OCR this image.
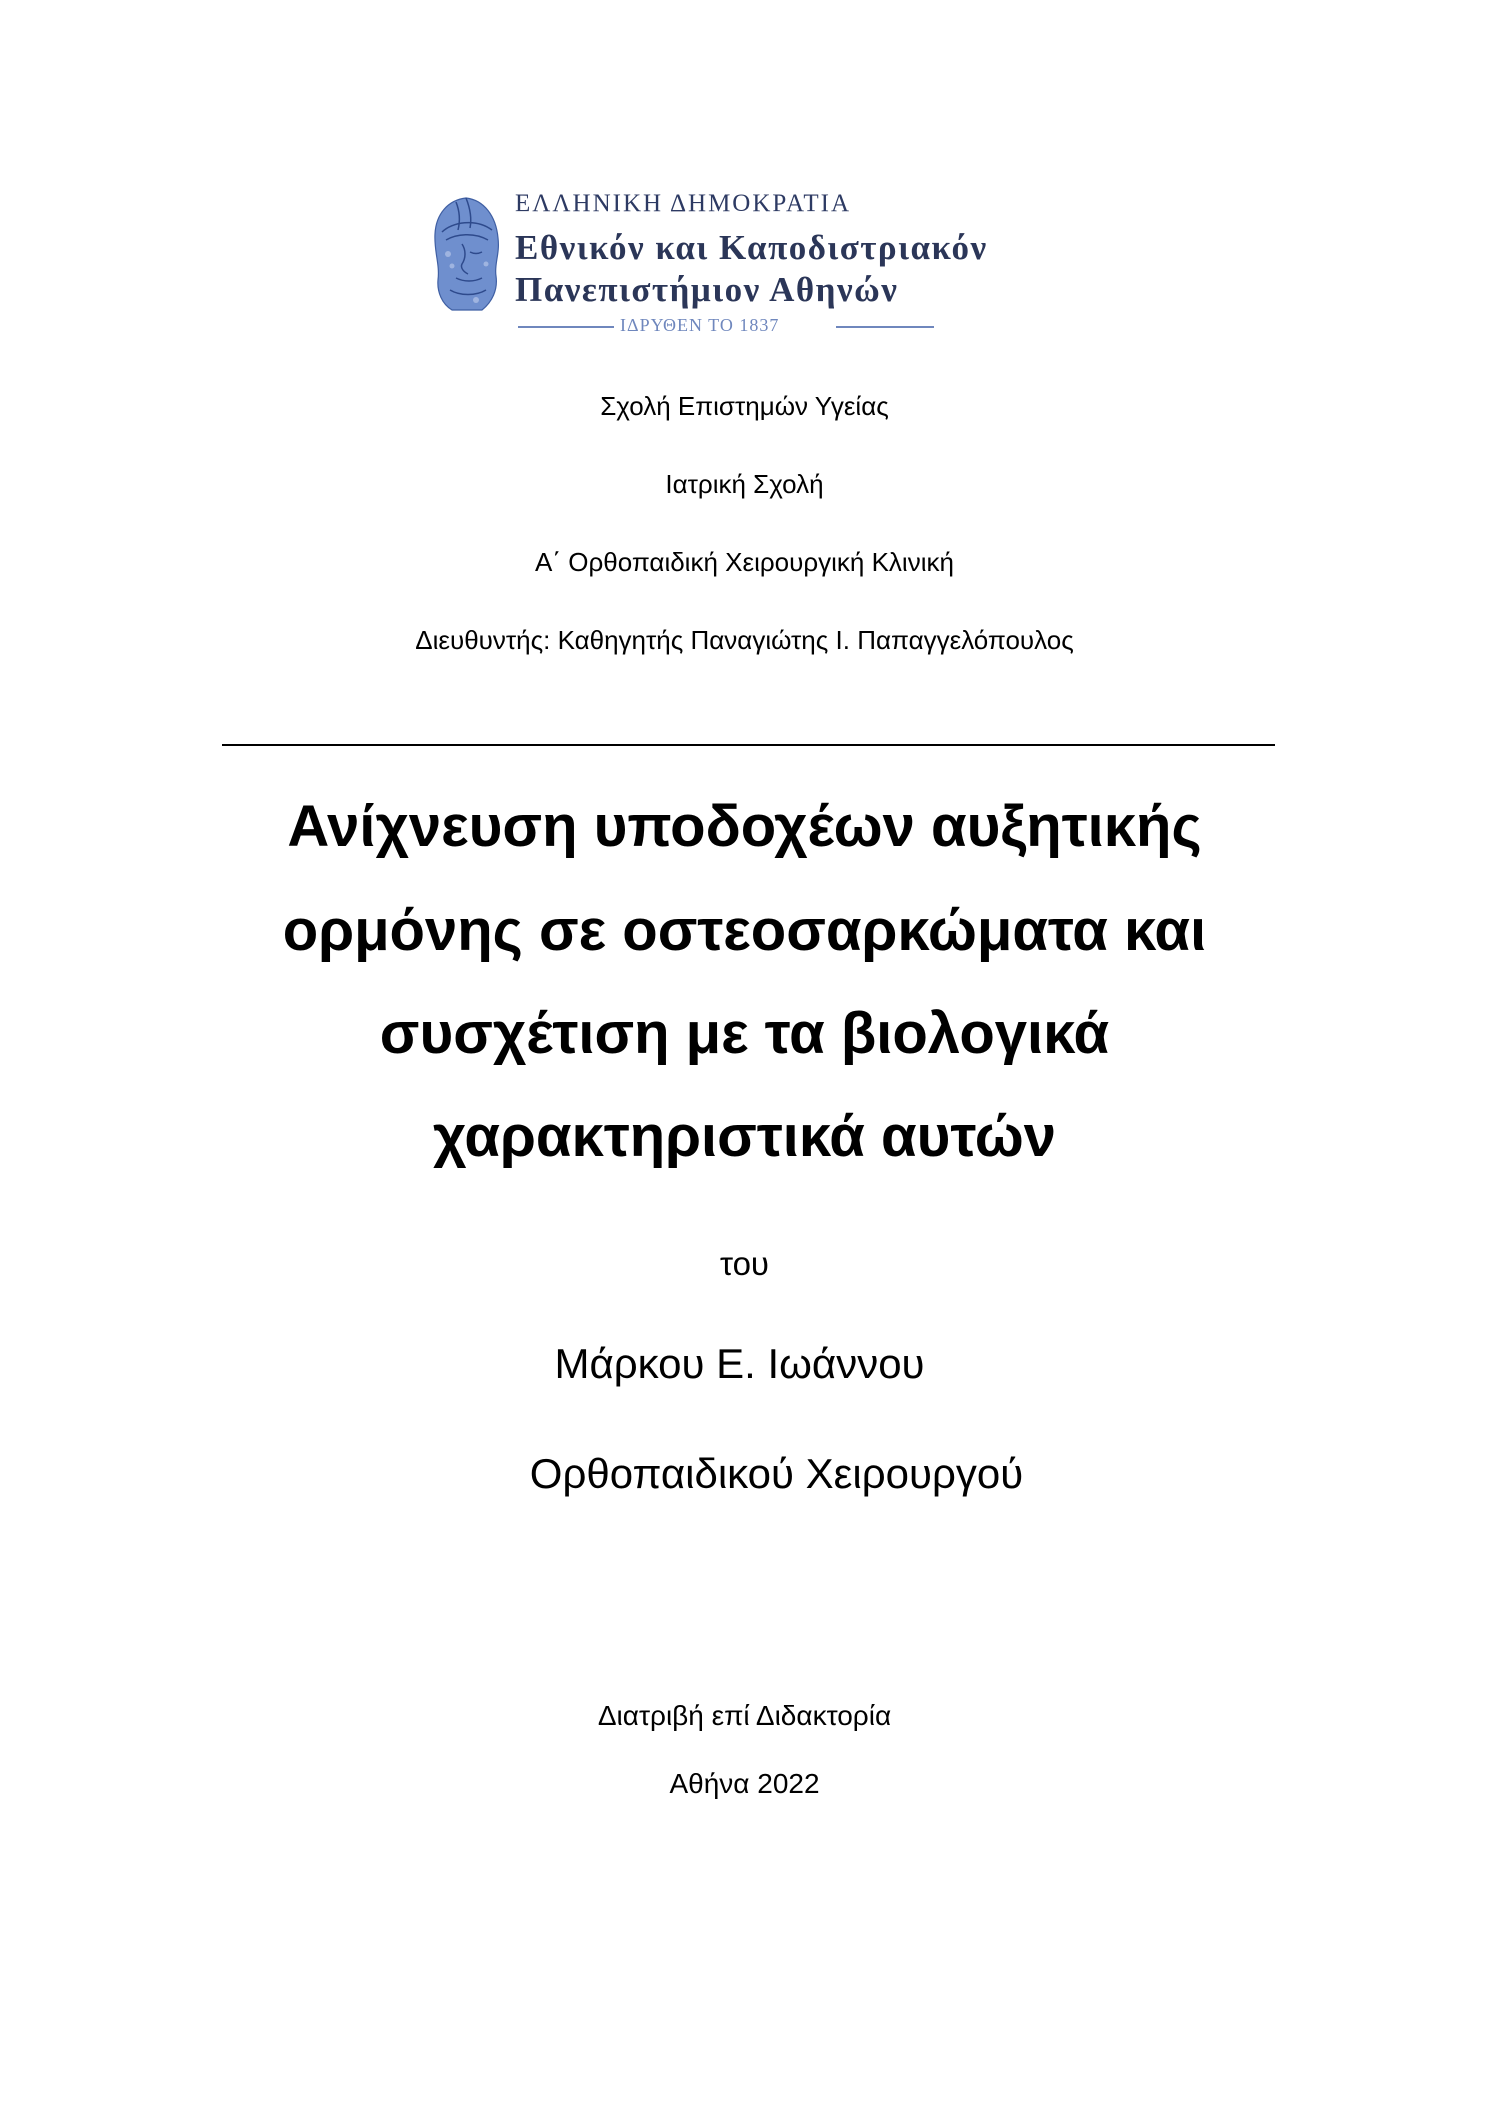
ΕΛΛΗΝΙΚΗ ΔΗΜΟΚΡΑΤΙΑ
Εθνικόν και Καποδιστριακόν
Πανεπιστήμιον Αθηνών
ΙΔΡΥΘΕΝ ΤΟ 1837
Σχολή Επιστημών Υγείας
Ιατρική Σχολή
Α΄ Ορθοπαιδική Χειρουργική Κλινική
Διευθυντής: Καθηγητής Παναγιώτης Ι. Παπαγγελόπουλος
Ανίχνευση υποδοχέων αυξητικής
ορμόνης σε οστεοσαρκώματα και
συσχέτιση με τα βιολογικά
χαρακτηριστικά αυτών
του
Μάρκου Ε. Ιωάννου
Ορθοπαιδικού Χειρουργού
Διατριβή επί Διδακτορία
Αθήνα 2022
